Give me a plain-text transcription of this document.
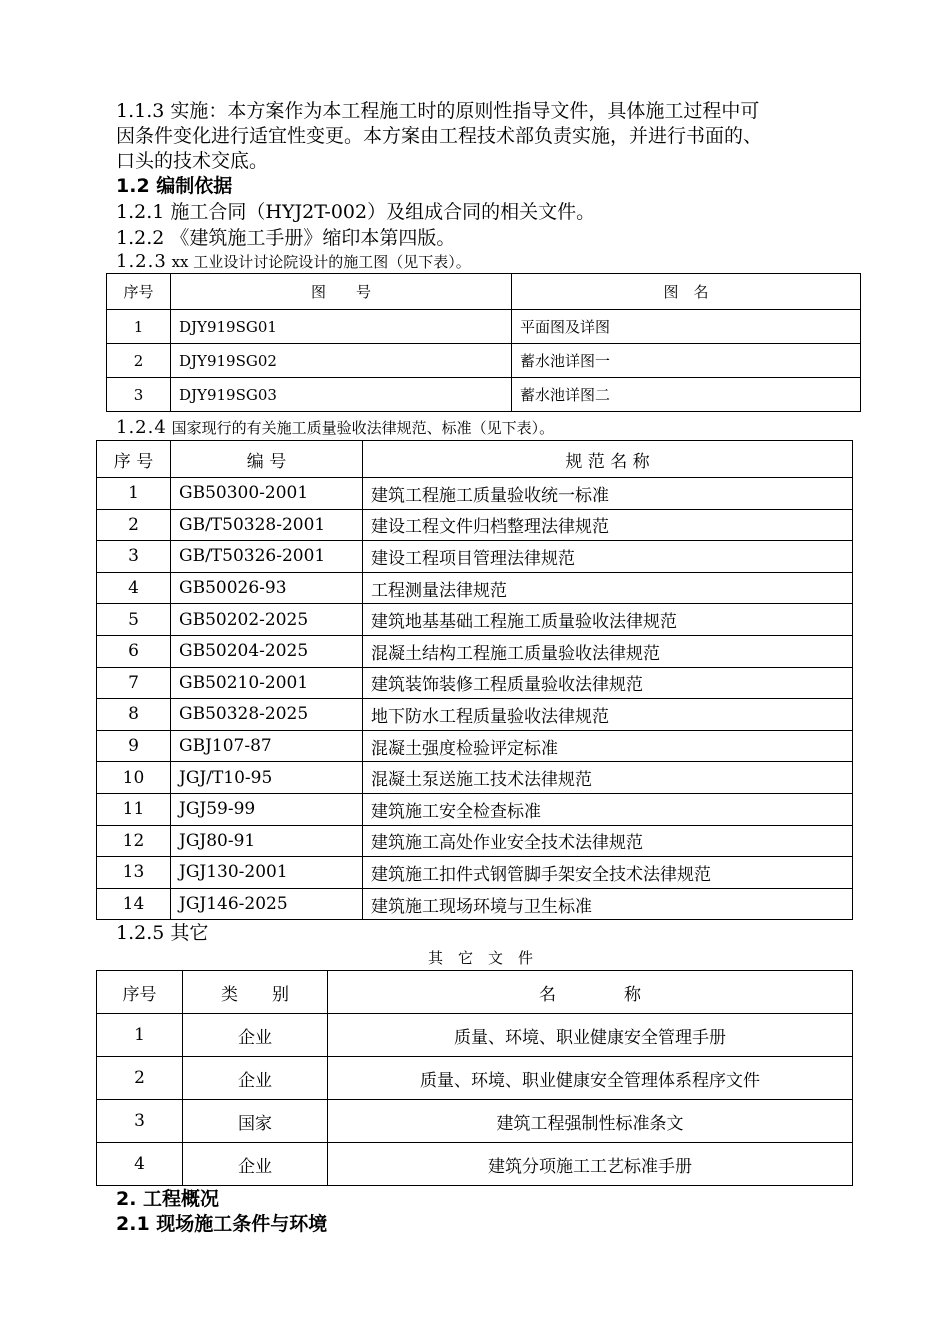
1.1.3 实施：本方案作为本工程施工时的原则性指导文件，具体施工过程中可
因条件变化进行适宜性变更。本方案由工程技术部负责实施，并进行书面的、
口头的技术交底。
1.2 编制依据
1.2.1 施工合同（HYJ2T-002）及组成合同的相关文件。
1.2.2 《建筑施工手册》缩印本第四版。
1.2.3 xx 工业设计讨论院设计的施工图（见下表）。
序号	图　　号	图　名
1	DJY919SG01	平面图及详图
2	DJY919SG02	蓄水池详图一
3	DJY919SG03	蓄水池详图二
1.2.4 国家现行的有关施工质量验收法律规范、标准（见下表）。
序 号	编 号	规 范 名 称
1	GB50300-2001	建筑工程施工质量验收统一标准
2	GB/T50328-2001	建设工程文件归档整理法律规范
3	GB/T50326-2001	建设工程项目管理法律规范
4	GB50026-93	工程测量法律规范
5	GB50202-2025	建筑地基基础工程施工质量验收法律规范
6	GB50204-2025	混凝土结构工程施工质量验收法律规范
7	GB50210-2001	建筑装饰装修工程质量验收法律规范
8	GB50328-2025	地下防水工程质量验收法律规范
9	GBJ107-87	混凝土强度检验评定标准
10	JGJ/T10-95	混凝土泵送施工技术法律规范
11	JGJ59-99	建筑施工安全检查标准
12	JGJ80-91	建筑施工高处作业安全技术法律规范
13	JGJ130-2001	建筑施工扣件式钢管脚手架安全技术法律规范
14	JGJ146-2025	建筑施工现场环境与卫生标准
1.2.5 其它
其　它　文　件
序号	类　　别	名　　　　称
1	企业	质量、环境、职业健康安全管理手册
2	企业	质量、环境、职业健康安全管理体系程序文件
3	国家	建筑工程强制性标准条文
4	企业	建筑分项施工工艺标准手册
2. 工程概况
2.1 现场施工条件与环境
